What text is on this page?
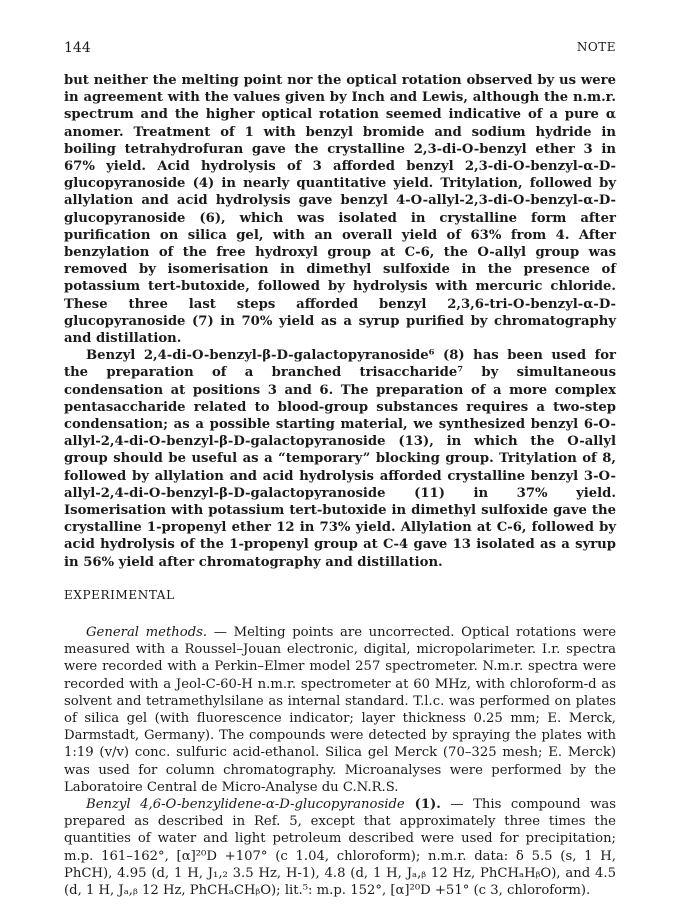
144	NOTE

but neither the melting point nor the optical rotation observed by us were in agreement with the values given by Inch and Lewis, although the n.m.r. spectrum and the higher optical rotation seemed indicative of a pure α anomer. Treatment of 1 with benzyl bromide and sodium hydride in boiling tetrahydrofuran gave the crystalline 2,3-di-O-benzyl ether 3 in 67% yield. Acid hydrolysis of 3 afforded benzyl 2,3-di-O-benzyl-α-D-glucopyranoside (4) in nearly quantitative yield. Tritylation, followed by allylation and acid hydrolysis gave benzyl 4-O-allyl-2,3-di-O-benzyl-α-D-glucopyranoside (6), which was isolated in crystalline form after purification on silica gel, with an overall yield of 63% from 4. After benzylation of the free hydroxyl group at C-6, the O-allyl group was removed by isomerisation in dimethyl sulfoxide in the presence of potassium tert-butoxide, followed by hydrolysis with mercuric chloride. These three last steps afforded benzyl 2,3,6-tri-O-benzyl-α-D-glucopyranoside (7) in 70% yield as a syrup purified by chromatography and distillation.

Benzyl 2,4-di-O-benzyl-β-D-galactopyranoside⁶ (8) has been used for the preparation of a branched trisaccharide⁷ by simultaneous condensation at positions 3 and 6. The preparation of a more complex pentasaccharide related to blood-group substances requires a two-step condensation; as a possible starting material, we synthesized benzyl 6-O-allyl-2,4-di-O-benzyl-β-D-galactopyranoside (13), in which the O-allyl group should be useful as a “temporary” blocking group. Tritylation of 8, followed by allylation and acid hydrolysis afforded crystalline benzyl 3-O-allyl-2,4-di-O-benzyl-β-D-galactopyranoside (11) in 37% yield. Isomerisation with potassium tert-butoxide in dimethyl sulfoxide gave the crystalline 1-propenyl ether 12 in 73% yield. Allylation at C-6, followed by acid hydrolysis of the 1-propenyl group at C-4 gave 13 isolated as a syrup in 56% yield after chromatography and distillation.

EXPERIMENTAL

General methods. — Melting points are uncorrected. Optical rotations were measured with a Roussel–Jouan electronic, digital, micropolarimeter. I.r. spectra were recorded with a Perkin–Elmer model 257 spectrometer. N.m.r. spectra were recorded with a Jeol-C-60-H n.m.r. spectrometer at 60 MHz, with chloroform-d as solvent and tetramethylsilane as internal standard. T.l.c. was performed on plates of silica gel (with fluorescence indicator; layer thickness 0.25 mm; E. Merck, Darmstadt, Germany). The compounds were detected by spraying the plates with 1:19 (v/v) conc. sulfuric acid-ethanol. Silica gel Merck (70–325 mesh; E. Merck) was used for column chromatography. Microanalyses were performed by the Laboratoire Central de Micro-Analyse du C.N.R.S.

Benzyl 4,6-O-benzylidene-α-D-glucopyranoside (1). — This compound was prepared as described in Ref. 5, except that approximately three times the quantities of water and light petroleum described were used for precipitation; m.p. 161–162°, [α]²⁰D +107° (c 1.04, chloroform); n.m.r. data: δ 5.5 (s, 1 H, PhCH), 4.95 (d, 1 H, J₁,₂ 3.5 Hz, H-1), 4.8 (d, 1 H, Jₐ,ᵦ 12 Hz, PhCHₐHᵦO), and 4.5 (d, 1 H, Jₐ,ᵦ 12 Hz, PhCHₐCHᵦO); lit.⁵: m.p. 152°, [α]²⁰D +51° (c 3, chloroform).
